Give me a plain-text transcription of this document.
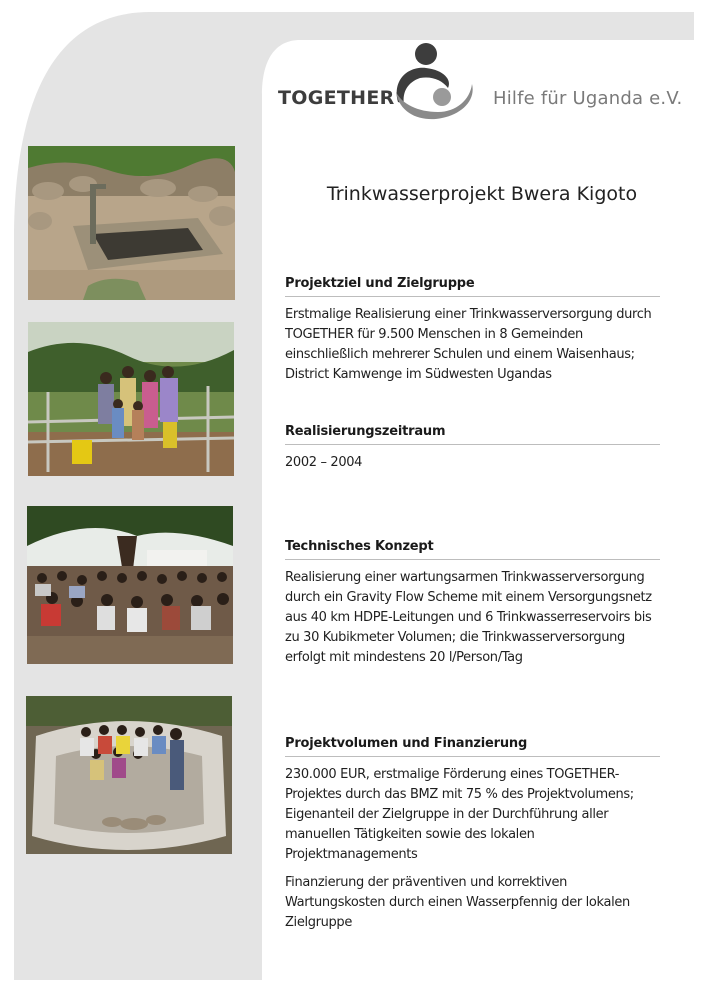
TOGETHER	Hilfe für Uganda e.V.
Trinkwasserprojekt Bwera Kigoto
Projektziel und Zielgruppe

Erstmalige Realisierung einer Trinkwasserversorgung durch TOGETHER für 9.500 Menschen in 8 Gemeinden einschließlich mehrerer Schulen und einem Waisenhaus; District Kamwenge im Südwesten Ugandas

Realisierungszeitraum

2002 – 2004

Technisches Konzept

Realisierung einer wartungsarmen Trinkwasserversorgung durch ein Gravity Flow Scheme mit einem Versorgungsnetz aus 40 km HDPE-Leitungen und 6 Trinkwasserreservoirs bis zu 30 Kubikmeter Volumen; die Trinkwasserversorgung erfolgt mit mindestens 20 l/Person/Tag

Projektvolumen und Finanzierung

230.000 EUR, erstmalige Förderung eines TOGETHER-Projektes durch das BMZ mit 75 % des Projektvolumens; Eigenanteil der Zielgruppe in der Durchführung aller manuellen Tätigkeiten sowie des lokalen Projektmanagements

Finanzierung der präventiven und korrektiven Wartungskosten durch einen Wasserpfennig der lokalen Zielgruppe
